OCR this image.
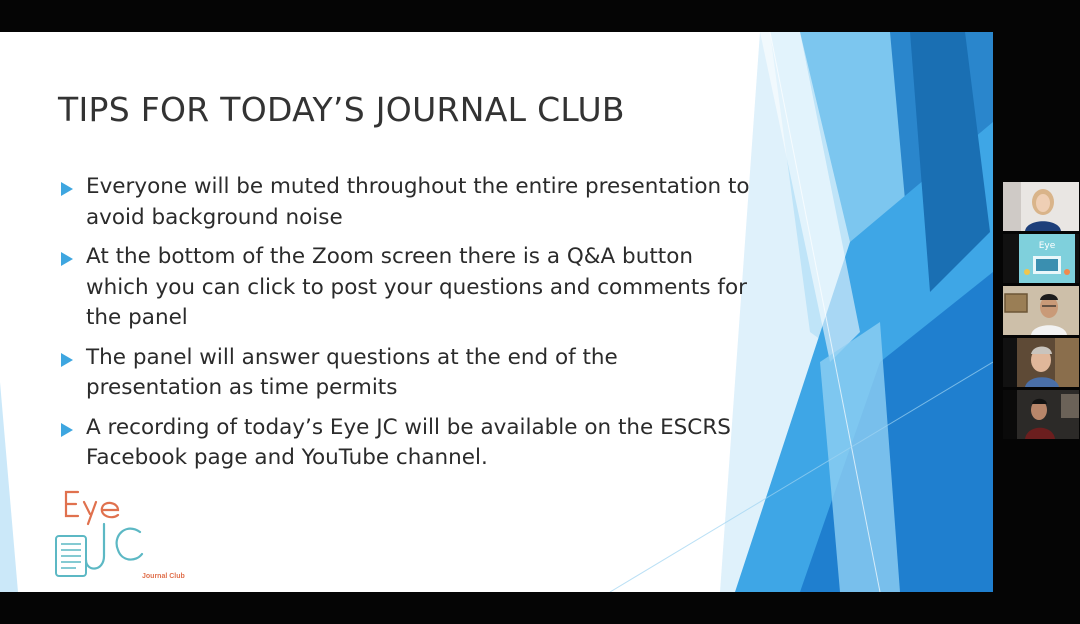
TIPS FOR TODAY’S JOURNAL CLUB
Everyone will be muted throughout the entire presentation to avoid background noise
At the bottom of the Zoom screen there is a Q&A button which you can click to post your questions and comments for the panel
The panel will answer questions at the end of the presentation as time permits
A recording of today’s Eye JC will be available on the ESCRS Facebook page and YouTube channel.
Journal Club
Eye
